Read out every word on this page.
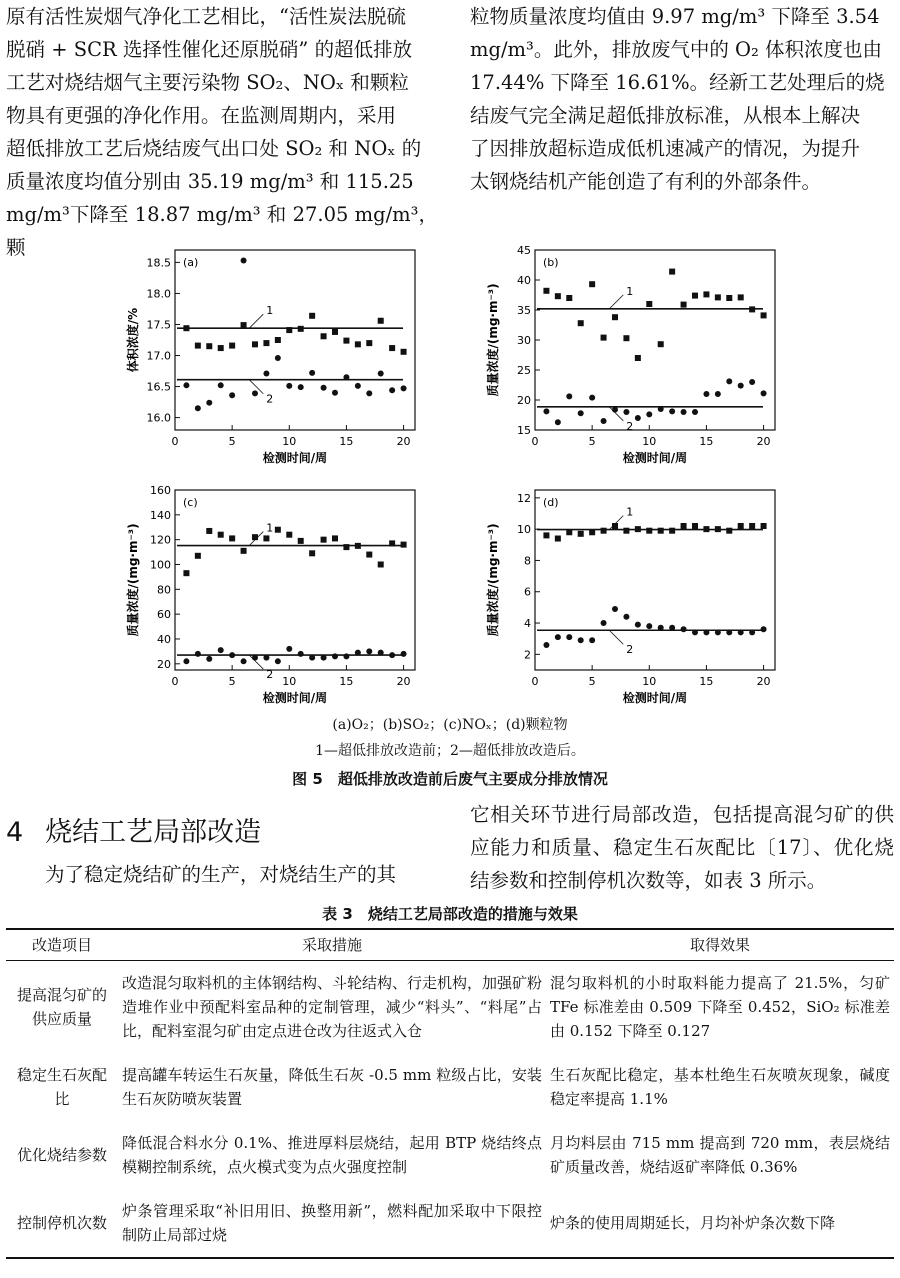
原有活性炭烟气净化工艺相比，“活性炭法脱硫

脱硝 + SCR 选择性催化还原脱硝” 的超低排放

工艺对烧结烟气主要污染物 SO₂、NOₓ 和颗粒

物具有更强的净化作用。在监测周期内，采用

超低排放工艺后烧结废气出口处 SO₂ 和 NOₓ 的

质量浓度均值分别由 35.19 mg/m³ 和 115.25

mg/m³下降至 18.87 mg/m³ 和 27.05 mg/m³，颗

粒物质量浓度均值由 9.97 mg/m³ 下降至 3.54

mg/m³。此外，排放废气中的 O₂ 体积浓度也由

17.44% 下降至 16.61%。经新工艺处理后的烧

结废气完全满足超低排放标准，从根本上解决

了因排放超标造成低机速减产的情况，为提升

太钢烧结机产能创造了有利的外部条件。

0	5	10	15	20
16.0
16.5
17.0
17.5
18.0
18.5
检测时间/周
体积浓度/%
(a)
1
2
0	5	10	15	20
15
20
25
30
35
40
45
检测时间/周
质量浓度/(mg·m⁻³)
(b)
1
2
0	5	10	15	20
20
40
60
80
100
120
140
160
检测时间/周
质量浓度/(mg·m⁻³)
(c)
1
2
0	5	10	15	20
2
4
6
8
10
12
检测时间/周
质量浓度/(mg·m⁻³)
(d)
1
2
(a)O₂；(b)SO₂；(c)NOₓ；(d)颗粒物
1—超低排放改造前；2—超低排放改造后。
图 5　超低排放改造前后废气主要成分排放情况
4 烧结工艺局部改造
为了稳定烧结矿的生产，对烧结生产的其
它相关环节进行局部改造，包括提高混匀矿的供应能力和质量、稳定生石灰配比〔17〕、优化烧结参数和控制停机次数等，如表 3 所示。
表 3　烧结工艺局部改造的措施与效果
改造项目	采取措施	取得效果
提高混匀矿的供应质量	改造混匀取料机的主体钢结构、斗轮结构、行走机构，加强矿粉造堆作业中预配料室品种的定制管理，减少“料头”、“料尾”占比，配料室混匀矿由定点进仓改为往返式入仓	混匀取料机的小时取料能力提高了 21.5%，匀矿 TFe 标准差由 0.509 下降至 0.452，SiO₂ 标准差由 0.152 下降至 0.127
稳定生石灰配比	提高罐车转运生石灰量，降低生石灰 -0.5 mm 粒级占比，安装生石灰防喷灰装置	生石灰配比稳定，基本杜绝生石灰喷灰现象，碱度稳定率提高 1.1%
优化烧结参数	降低混合料水分 0.1%、推进厚料层烧结，起用 BTP 烧结终点模糊控制系统，点火模式变为点火强度控制	月均料层由 715 mm 提高到 720 mm，表层烧结矿质量改善，烧结返矿率降低 0.36%
控制停机次数	炉条管理采取“补旧用旧、换整用新”，燃料配加采取中下限控制防止局部过烧	炉条的使用周期延长，月均补炉条次数下降
